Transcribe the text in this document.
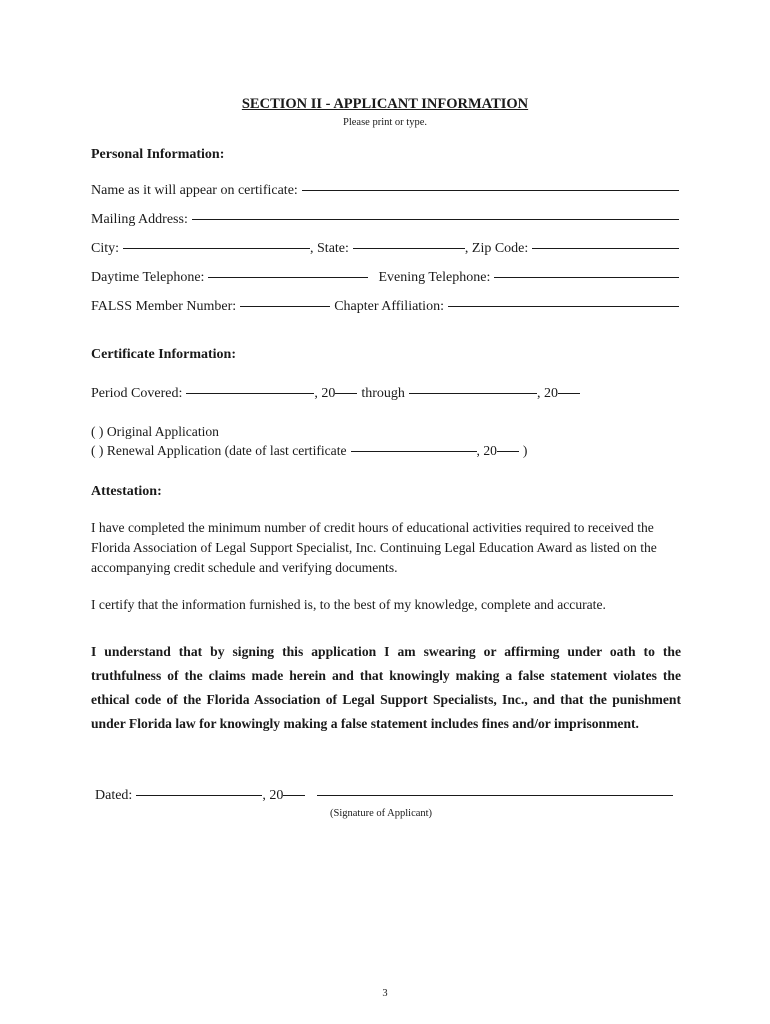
SECTION II - APPLICANT INFORMATION
Please print or type.
Personal Information:
Name as it will appear on certificate:
Mailing Address:
City:	, State:	, Zip Code:
Daytime Telephone:	Evening Telephone:
FALSS Member Number:	Chapter Affiliation:
Certificate Information:
Period Covered:	, 20 through	, 20
( ) Original Application
( ) Renewal Application (date of last certificate	, 20 )
Attestation:
I have completed the minimum number of credit hours of educational activities required to received the Florida Association of Legal Support Specialist, Inc. Continuing Legal Education Award as listed on the accompanying credit schedule and verifying documents.
I certify that the information furnished is, to the best of my knowledge, complete and accurate.
I understand that by signing this application I am swearing or affirming under oath to the truthfulness of the claims made herein and that knowingly making a false statement violates the ethical code of the Florida Association of Legal Support Specialists, Inc., and that the punishment under Florida law for knowingly making a false statement includes fines and/or imprisonment.
Dated:	, 20
(Signature of Applicant)
3
